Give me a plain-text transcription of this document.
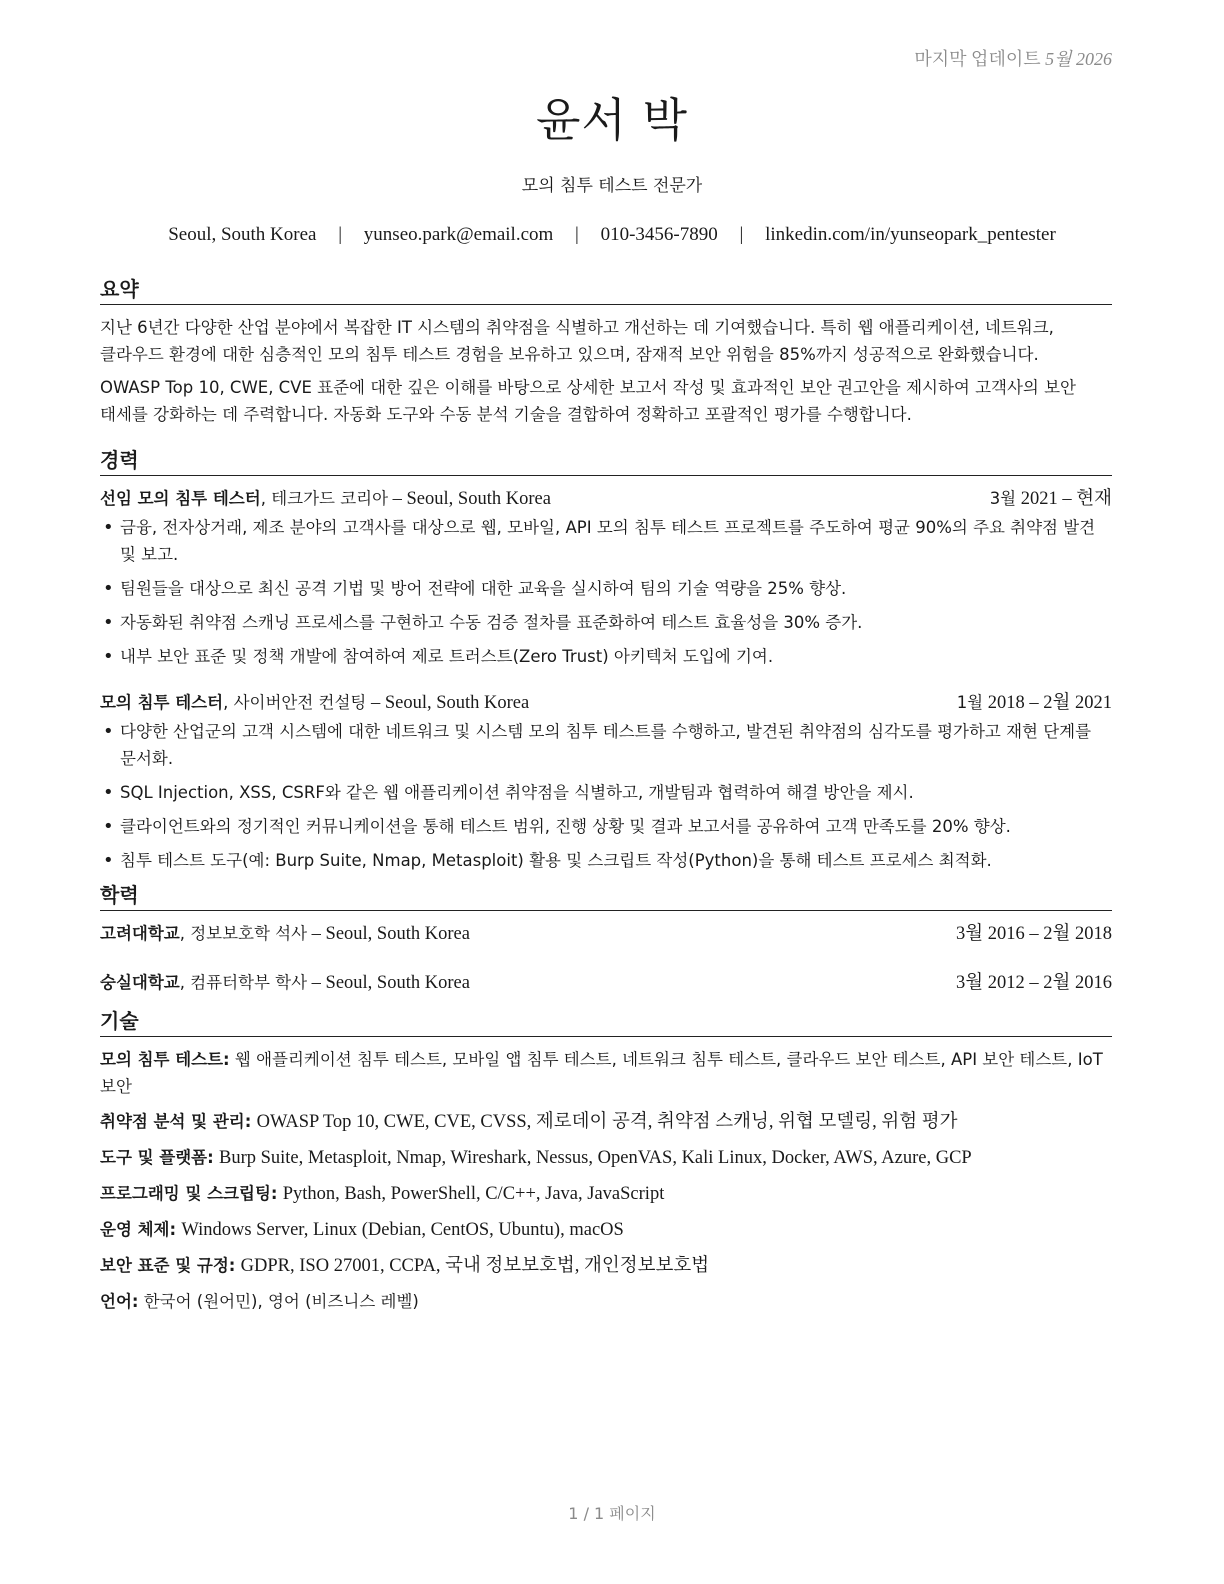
마지막 업데이트 5월 2026
윤서 박
모의 침투 테스트 전문가
Seoul, South Korea | yunseo.park@email.com | 010-3456-7890 | linkedin.com/in/yunseopark_pentester
요약

지난 6년간 다양한 산업 분야에서 복잡한 IT 시스템의 취약점을 식별하고 개선하는 데 기여했습니다. 특히 웹 애플리케이션, 네트워크, 클라우드 환경에 대한 심층적인 모의 침투 테스트 경험을 보유하고 있으며, 잠재적 보안 위험을 85%까지 성공적으로 완화했습니다.

OWASP Top 10, CWE, CVE 표준에 대한 깊은 이해를 바탕으로 상세한 보고서 작성 및 효과적인 보안 권고안을 제시하여 고객사의 보안 태세를 강화하는 데 주력합니다. 자동화 도구와 수동 분석 기술을 결합하여 정확하고 포괄적인 평가를 수행합니다.

경력
선임 모의 침투 테스터, 테크가드 코리아 – Seoul, South Korea	3월 2021 – 현재
• 금융, 전자상거래, 제조 분야의 고객사를 대상으로 웹, 모바일, API 모의 침투 테스트 프로젝트를 주도하여 평균 90%의 주요 취약점 발견 및 보고.
• 팀원들을 대상으로 최신 공격 기법 및 방어 전략에 대한 교육을 실시하여 팀의 기술 역량을 25% 향상.
• 자동화된 취약점 스캐닝 프로세스를 구현하고 수동 검증 절차를 표준화하여 테스트 효율성을 30% 증가.
• 내부 보안 표준 및 정책 개발에 참여하여 제로 트러스트(Zero Trust) 아키텍처 도입에 기여.
모의 침투 테스터, 사이버안전 컨설팅 – Seoul, South Korea	1월 2018 – 2월 2021
• 다양한 산업군의 고객 시스템에 대한 네트워크 및 시스템 모의 침투 테스트를 수행하고, 발견된 취약점의 심각도를 평가하고 재현 단계를 문서화.
• SQL Injection, XSS, CSRF와 같은 웹 애플리케이션 취약점을 식별하고, 개발팀과 협력하여 해결 방안을 제시.
• 클라이언트와의 정기적인 커뮤니케이션을 통해 테스트 범위, 진행 상황 및 결과 보고서를 공유하여 고객 만족도를 20% 향상.
• 침투 테스트 도구(예: Burp Suite, Nmap, Metasploit) 활용 및 스크립트 작성(Python)을 통해 테스트 프로세스 최적화.
학력
고려대학교, 정보보호학 석사 – Seoul, South Korea	3월 2016 – 2월 2018
숭실대학교, 컴퓨터학부 학사 – Seoul, South Korea	3월 2012 – 2월 2016
기술
모의 침투 테스트: 웹 애플리케이션 침투 테스트, 모바일 앱 침투 테스트, 네트워크 침투 테스트, 클라우드 보안 테스트, API 보안 테스트, IoT 보안
취약점 분석 및 관리: OWASP Top 10, CWE, CVE, CVSS, 제로데이 공격, 취약점 스캐닝, 위협 모델링, 위험 평가
도구 및 플랫폼: Burp Suite, Metasploit, Nmap, Wireshark, Nessus, OpenVAS, Kali Linux, Docker, AWS, Azure, GCP
프로그래밍 및 스크립팅: Python, Bash, PowerShell, C/C++, Java, JavaScript
운영 체제: Windows Server, Linux (Debian, CentOS, Ubuntu), macOS
보안 표준 및 규정: GDPR, ISO 27001, CCPA, 국내 정보보호법, 개인정보보호법
언어: 한국어 (원어민), 영어 (비즈니스 레벨)
1 / 1 페이지
